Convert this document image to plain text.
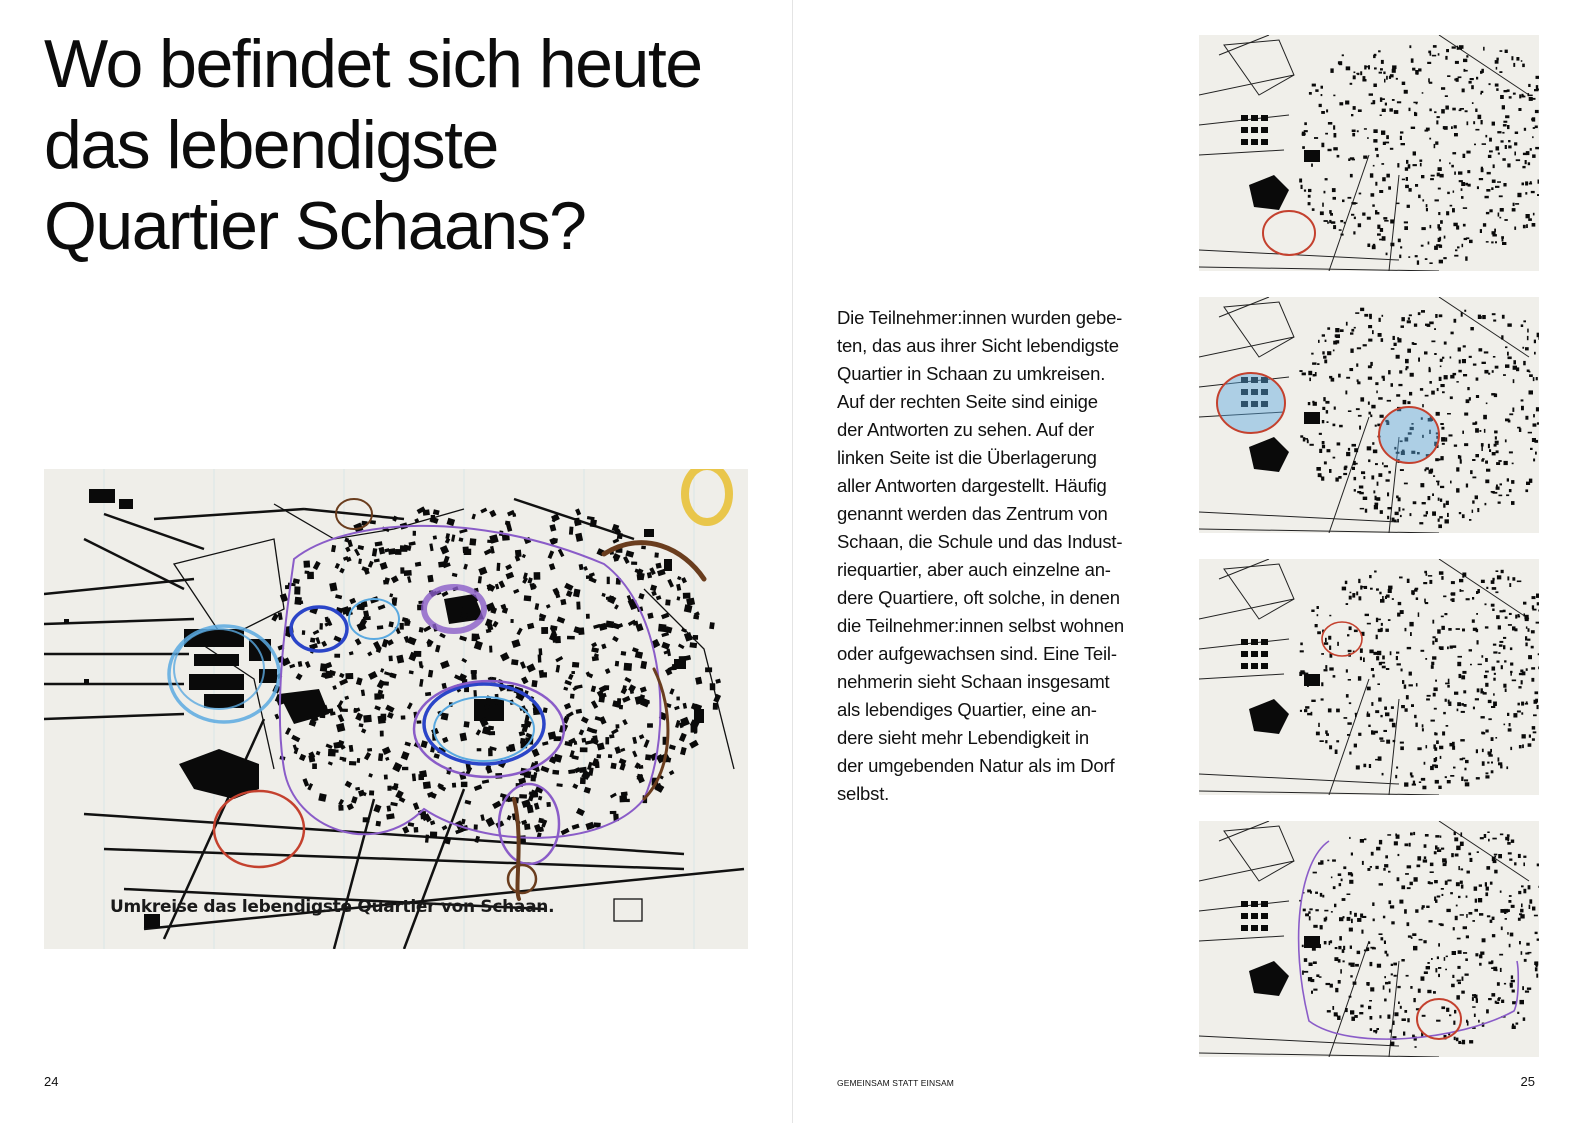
Wo befindet sich heute
das lebendigste
Quartier Schaans?

Umkreise das lebendigste Quartier von Schaan.

24

Die Teilnehmer:innen wurden gebe-
ten, das aus ihrer Sicht lebendigste
Quartier in Schaan zu umkreisen.
Auf der rechten Seite sind einige
der Antworten zu sehen. Auf der
linken Seite ist die Überlagerung
aller Antworten dargestellt. Häufig
genannt werden das Zentrum von
Schaan, die Schule und das Indust-
riequartier, aber auch einzelne an-
dere Quartiere, oft solche, in denen
die Teilnehmer:innen selbst wohnen
oder aufgewachsen sind. Eine Teil-
nehmerin sieht Schaan insgesamt
als lebendiges Quartier, eine an-
dere sieht mehr Lebendigkeit in
der umgebenden Natur als im Dorf
selbst.

GEMEINSAM STATT EINSAM	25
